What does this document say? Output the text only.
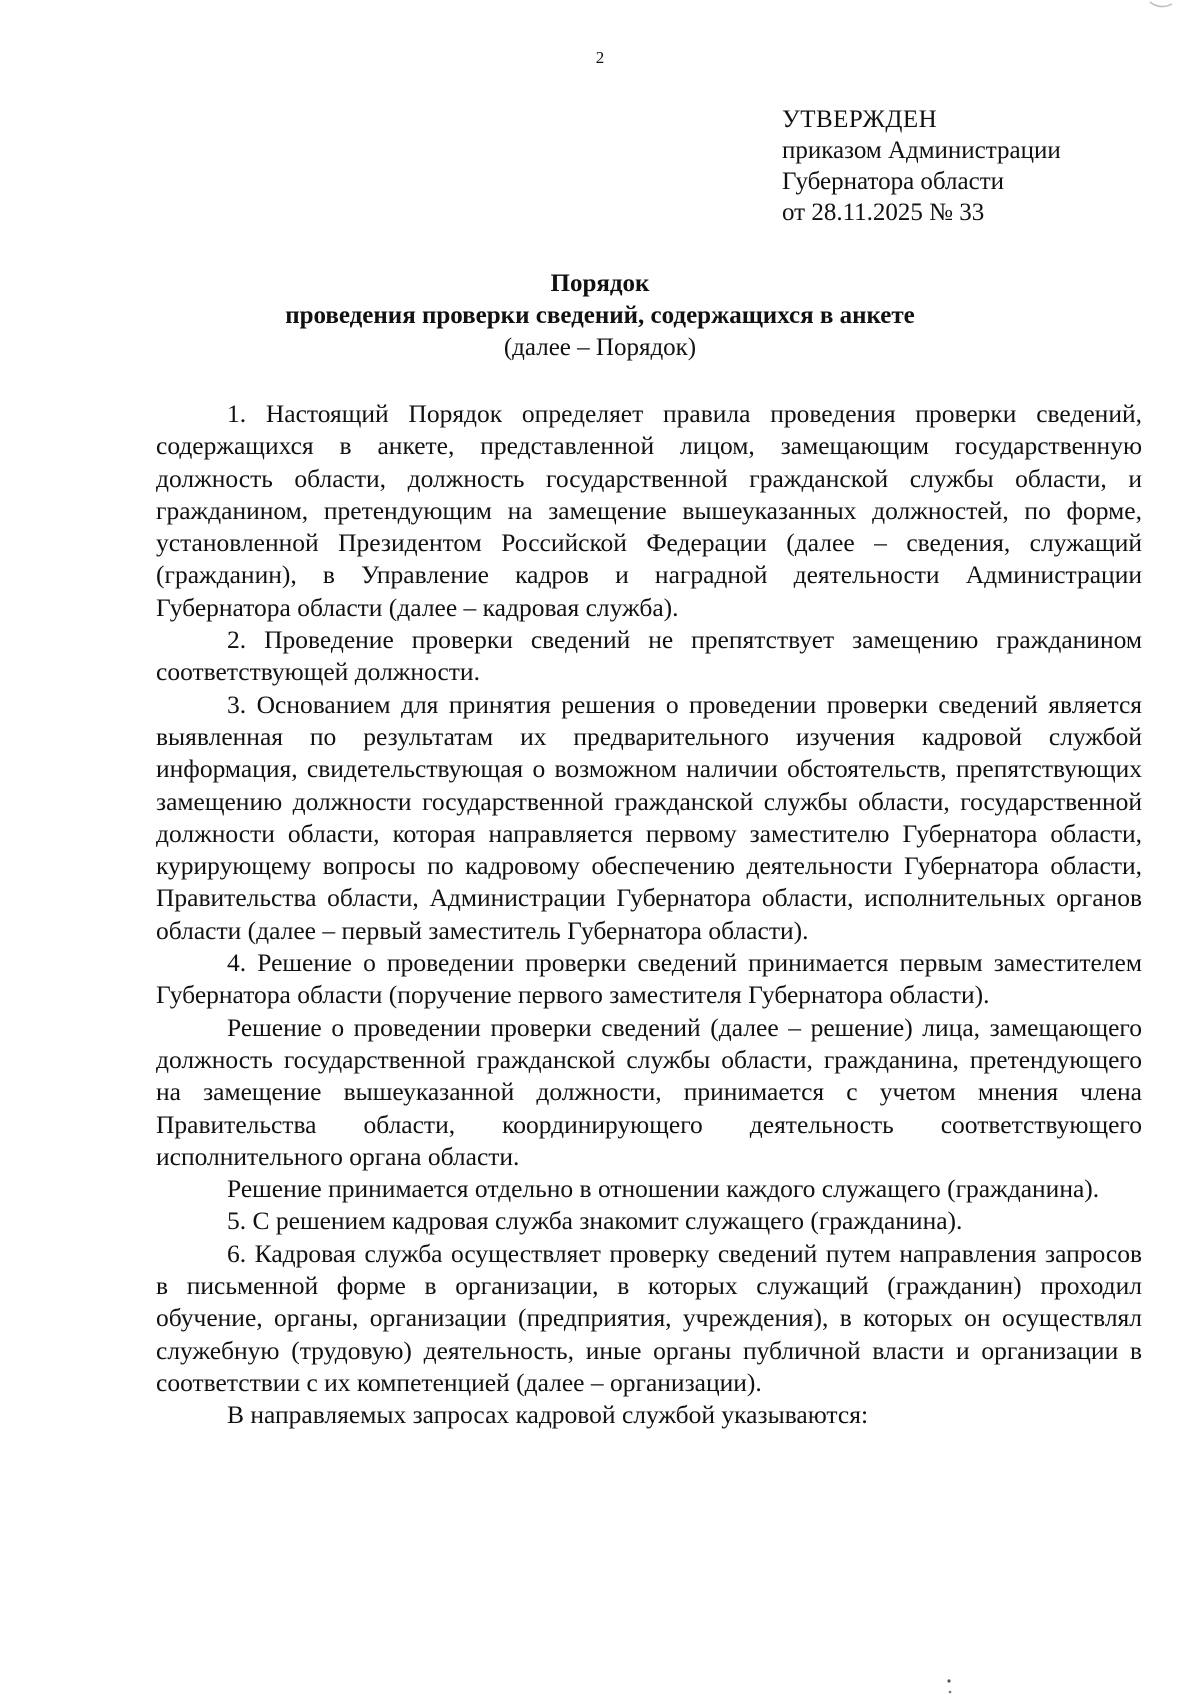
2
УТВЕРЖДЕН
приказом Администрации
Губернатора области
от 28.11.2025 № 33
Порядок
проведения проверки сведений, содержащихся в анкете
(далее – Порядок)

1. Настоящий Порядок определяет правила проведения проверки сведений, содержащихся в анкете, представленной лицом, замещающим государственную должность области, должность государственной гражданской службы области, и гражданином, претендующим на замещение вышеуказанных должностей, по форме, установленной Президентом Российской Федерации (далее – сведения, служащий (гражданин), в Управление кадров и наградной деятельности Администрации Губернатора области (далее – кадровая служба).

2. Проведение проверки сведений не препятствует замещению гражданином соответствующей должности.

3. Основанием для принятия решения о проведении проверки сведений является выявленная по результатам их предварительного изучения кадровой службой информация, свидетельствующая о возможном наличии обстоятельств, препятствующих замещению должности государственной гражданской службы области, государственной должности области, которая направляется первому заместителю Губернатора области, курирующему вопросы по кадровому обеспечению деятельности Губернатора области, Правительства области, Администрации Губернатора области, исполнительных органов области (далее – первый заместитель Губернатора области).

4. Решение о проведении проверки сведений принимается первым заместителем Губернатора области (поручение первого заместителя Губернатора области).

Решение о проведении проверки сведений (далее – решение) лица, замещающего должность государственной гражданской службы области, гражданина, претендующего на замещение вышеуказанной должности, принимается с учетом мнения члена Правительства области, координирующего деятельность соответствующего исполнительного органа области.

Решение принимается отдельно в отношении каждого служащего (гражданина).

5. С решением кадровая служба знакомит служащего (гражданина).

6. Кадровая служба осуществляет проверку сведений путем направления запросов в письменной форме в организации, в которых служащий (гражданин) проходил обучение, органы, организации (предприятия, учреждения), в которых он осуществлял служебную (трудовую) деятельность, иные органы публичной власти и организации в соответствии с их компетенцией (далее – организации).

В направляемых запросах кадровой службой указываются:
